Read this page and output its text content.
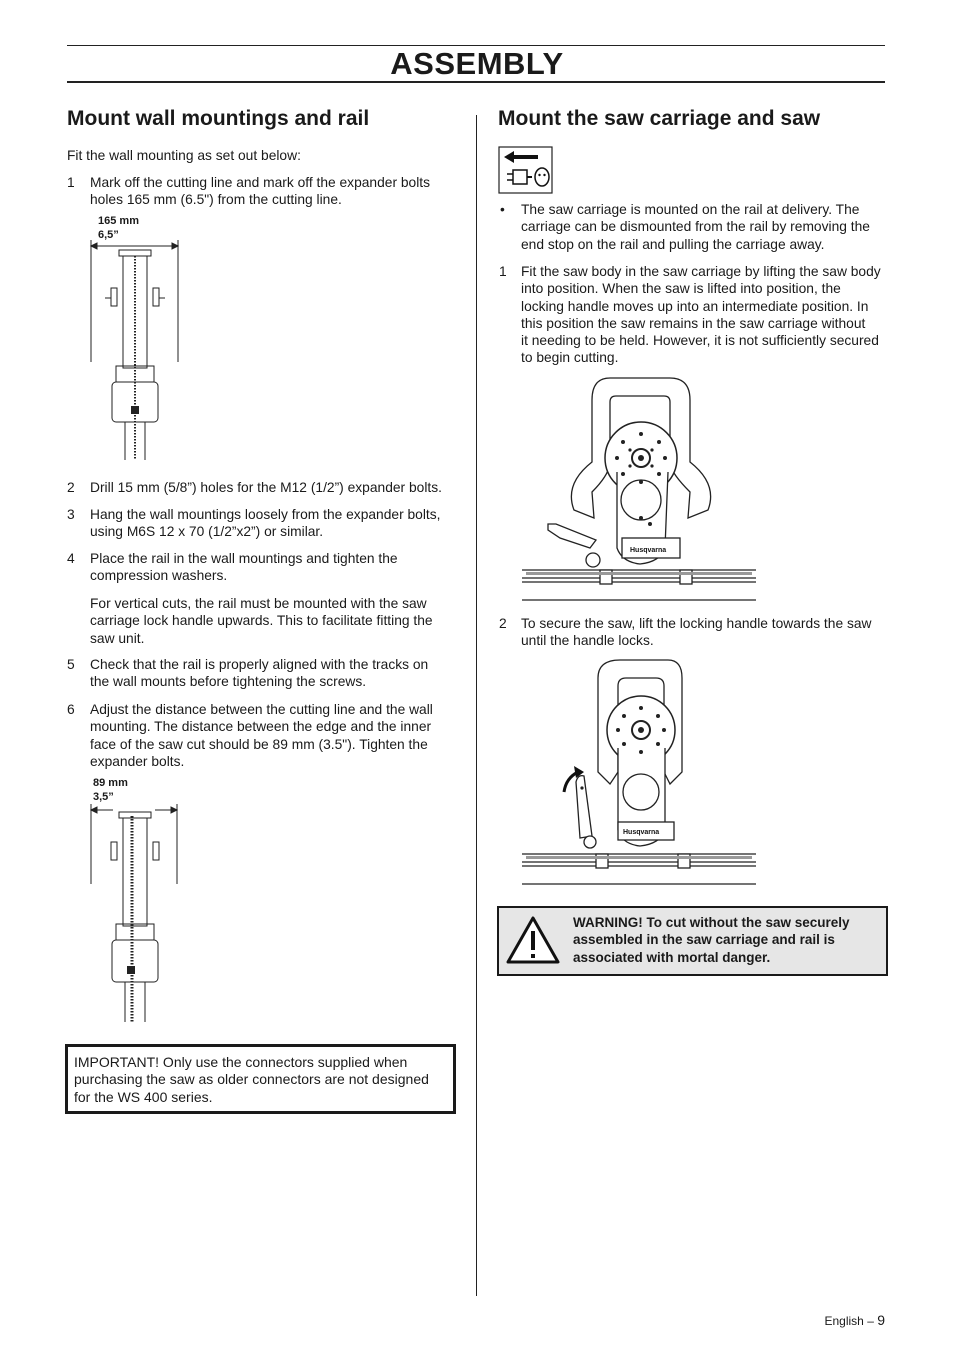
ASSEMBLY
Mount wall mountings and rail
Fit the wall mounting as set out below:
1 Mark off the cutting line and mark off the expander bolts
holes 165 mm (6.5") from the cutting line.
165 mm
6,5”
2 Drill 15 mm (5/8”) holes for the M12 (1/2”) expander bolts.
3 Hang the wall mountings loosely from the expander bolts,
using M6S 12 x 70 (1/2”x2”) or similar.
4 Place the rail in the wall mountings and tighten the
compression washers.
For vertical cuts, the rail must be mounted with the saw
carriage lock handle upwards. This to facilitate fitting the
saw unit.
5 Check that the rail is properly aligned with the tracks on
the wall mounts before tightening the screws.
6 Adjust the distance between the cutting line and the wall
mounting. The distance between the edge and the inner
face of the saw cut should be 89 mm (3.5"). Tighten the
expander bolts.
89 mm
3,5”
IMPORTANT! Only use the connectors supplied when
purchasing the saw as older connectors are not designed
for the WS 400 series.
Mount the saw carriage and saw
• The saw carriage is mounted on the rail at delivery. The
carriage can be dismounted from the rail by removing the
end stop on the rail and pulling the carriage away.
1 Fit the saw body in the saw carriage by lifting the saw body
into position. When the saw is lifted into position, the
locking handle moves up into an intermediate position. In
this position the saw remains in the saw carriage without
it needing to be held. However, it is not sufficiently secured
to begin cutting.
Husqvarna
2 To secure the saw, lift the locking handle towards the saw
until the handle locks.
Husqvarna
WARNING! To cut without the saw securely
assembled in the saw carriage and rail is
associated with mortal danger.
English – 9
